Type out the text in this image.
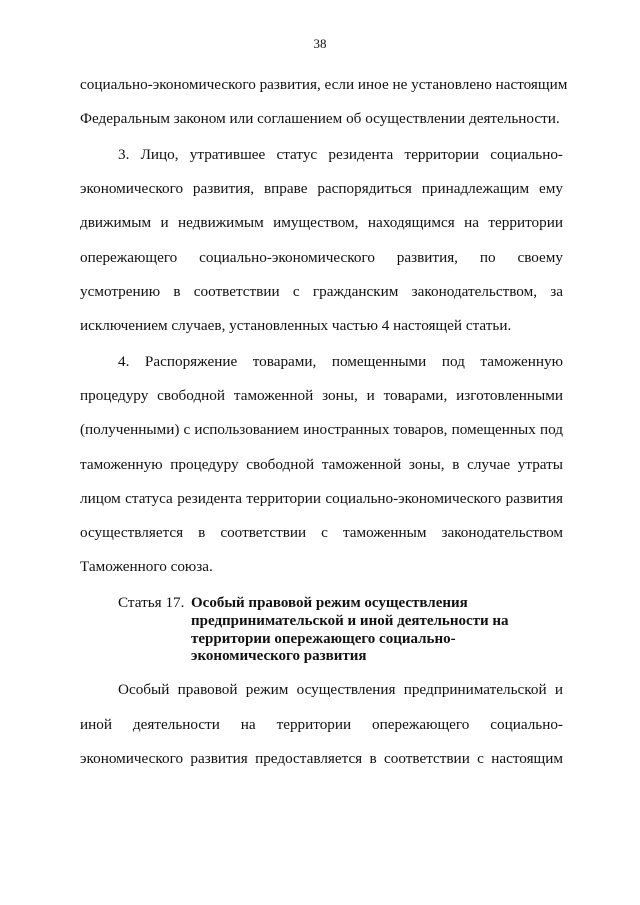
38
социально-экономического развития, если иное не установлено настоящим
Федеральным законом или соглашением об осуществлении деятельности.
3. Лицо, утратившее статус резидента территории социально-
экономического развития, вправе распорядиться принадлежащим ему
движимым и недвижимым имуществом, находящимся на территории
опережающего социально-экономического развития, по своему
усмотрению в соответствии с гражданским законодательством, за
исключением случаев, установленных частью 4 настоящей статьи.
4. Распоряжение товарами, помещенными под таможенную
процедуру свободной таможенной зоны, и товарами, изготовленными
(полученными) с использованием иностранных товаров, помещенных под
таможенную процедуру свободной таможенной зоны, в случае утраты
лицом статуса резидента территории социально-экономического развития
осуществляется в соответствии с таможенным законодательством
Таможенного союза.
Статья 17. Особый правовой режим осуществления
предпринимательской и иной деятельности на
территории опережающего социально-
экономического развития
Особый правовой режим осуществления предпринимательской и
иной деятельности на территории опережающего социально-
экономического развития предоставляется в соответствии с настоящим
